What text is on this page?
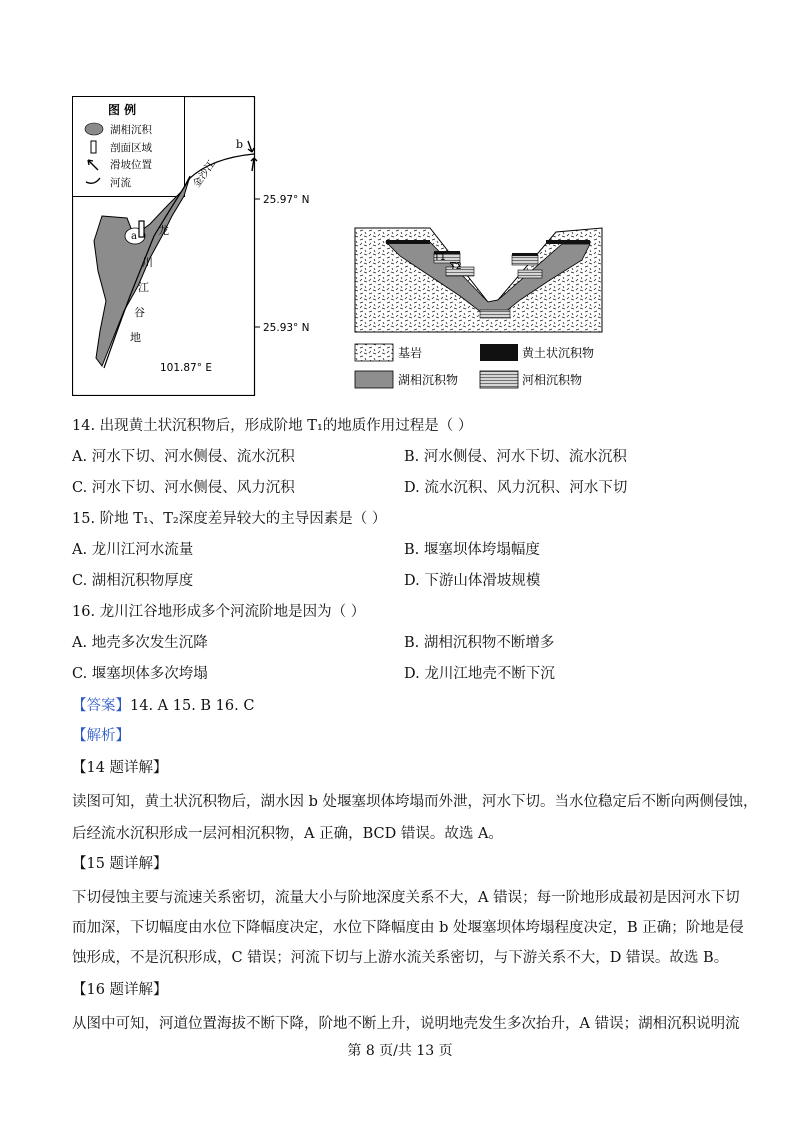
图 例
湖相沉积
剖面区域
滑坡位置
河流
b
a
金沙江
25.97° N
25.93° N
101.87° E
龙
川
江
谷
地
T1
T2
基岩	黄土状沉积物
湖相沉积物	河相沉积物
14. 出现黄土状沉积物后，形成阶地 T₁的地质作用过程是（ ）
A. 河水下切、河水侧侵、流水沉积	B. 河水侧侵、河水下切、流水沉积
C. 河水下切、河水侧侵、风力沉积	D. 流水沉积、风力沉积、河水下切
15. 阶地 T₁、T₂深度差异较大的主导因素是（ ）
A. 龙川江河水流量	B. 堰塞坝体垮塌幅度
C. 湖相沉积物厚度	D. 下游山体滑坡规模
16. 龙川江谷地形成多个河流阶地是因为（ ）
A. 地壳多次发生沉降	B. 湖相沉积物不断增多
C. 堰塞坝体多次垮塌	D. 龙川江地壳不断下沉
【答案】14. A 15. B 16. C
【解析】
【14 题详解】
读图可知，黄土状沉积物后，湖水因 b 处堰塞坝体垮塌而外泄，河水下切。当水位稳定后不断向两侧侵蚀，
后经流水沉积形成一层河相沉积物，A 正确，BCD 错误。故选 A。
【15 题详解】
下切侵蚀主要与流速关系密切，流量大小与阶地深度关系不大，A 错误；每一阶地形成最初是因河水下切
而加深，下切幅度由水位下降幅度决定，水位下降幅度由 b 处堰塞坝体垮塌程度决定，B 正确；阶地是侵
蚀形成，不是沉积形成，C 错误；河流下切与上游水流关系密切，与下游关系不大，D 错误。故选 B。
【16 题详解】
从图中可知，河道位置海拔不断下降，阶地不断上升，说明地壳发生多次抬升，A 错误；湖相沉积说明流
第 8 页/共 13 页
